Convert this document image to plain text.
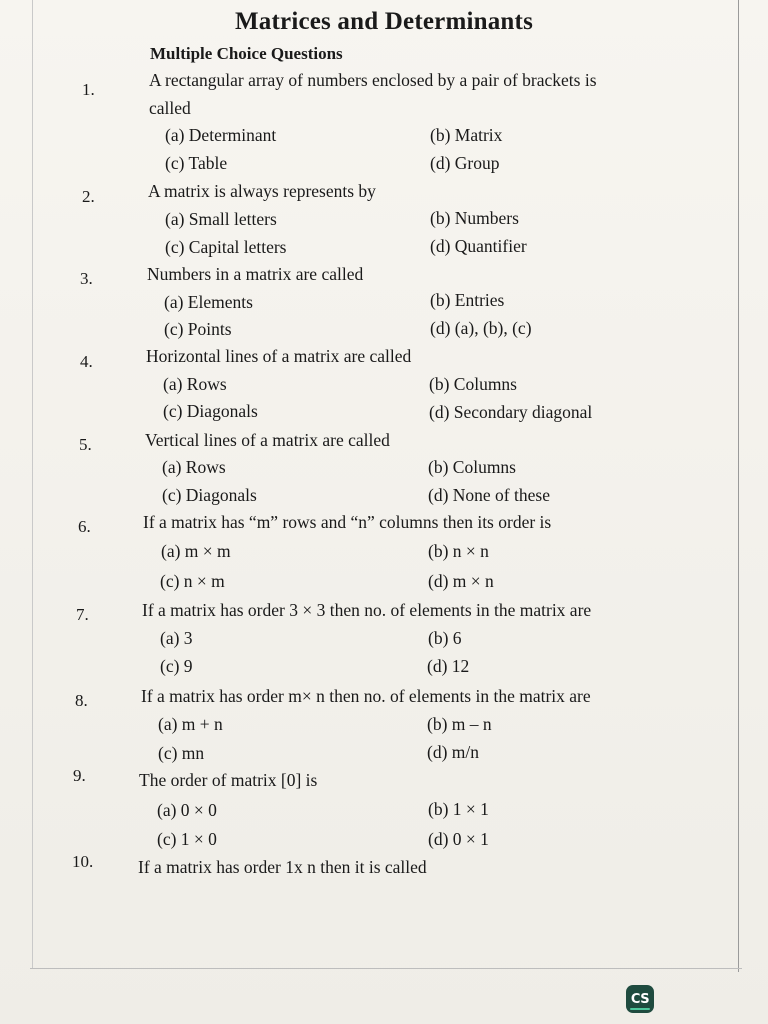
Matrices and Determinants
Multiple Choice Questions
1.	A rectangular array of numbers enclosed by a pair of brackets is
called
(a) Determinant	(b) Matrix
(c) Table	(d) Group
2.	A matrix is always represents by
(a) Small letters	(b) Numbers
(c) Capital letters	(d) Quantifier
3.	Numbers in a matrix are called
(a) Elements	(b) Entries
(c) Points	(d) (a), (b), (c)
4.	Horizontal lines of a matrix are called
(a) Rows	(b) Columns
(c) Diagonals	(d) Secondary diagonal
5.	Vertical lines of a matrix are called
(a) Rows	(b) Columns
(c) Diagonals	(d) None of these
6.	If a matrix has “m” rows and “n” columns then its order is
(a) m × m	(b) n × n
(c) n × m	(d) m × n
7.	If a matrix has order 3 × 3 then no. of elements in the matrix are
(a) 3	(b) 6
(c) 9	(d) 12
8.	If a matrix has order m× n then no. of elements in the matrix are
(a) m + n	(b) m – n
(c) mn	(d) m/n
9.	The order of matrix [0] is
(a) 0 × 0	(b) 1 × 1
(c) 1 × 0	(d) 0 × 1
10.	If a matrix has order 1x n then it is called
CS
